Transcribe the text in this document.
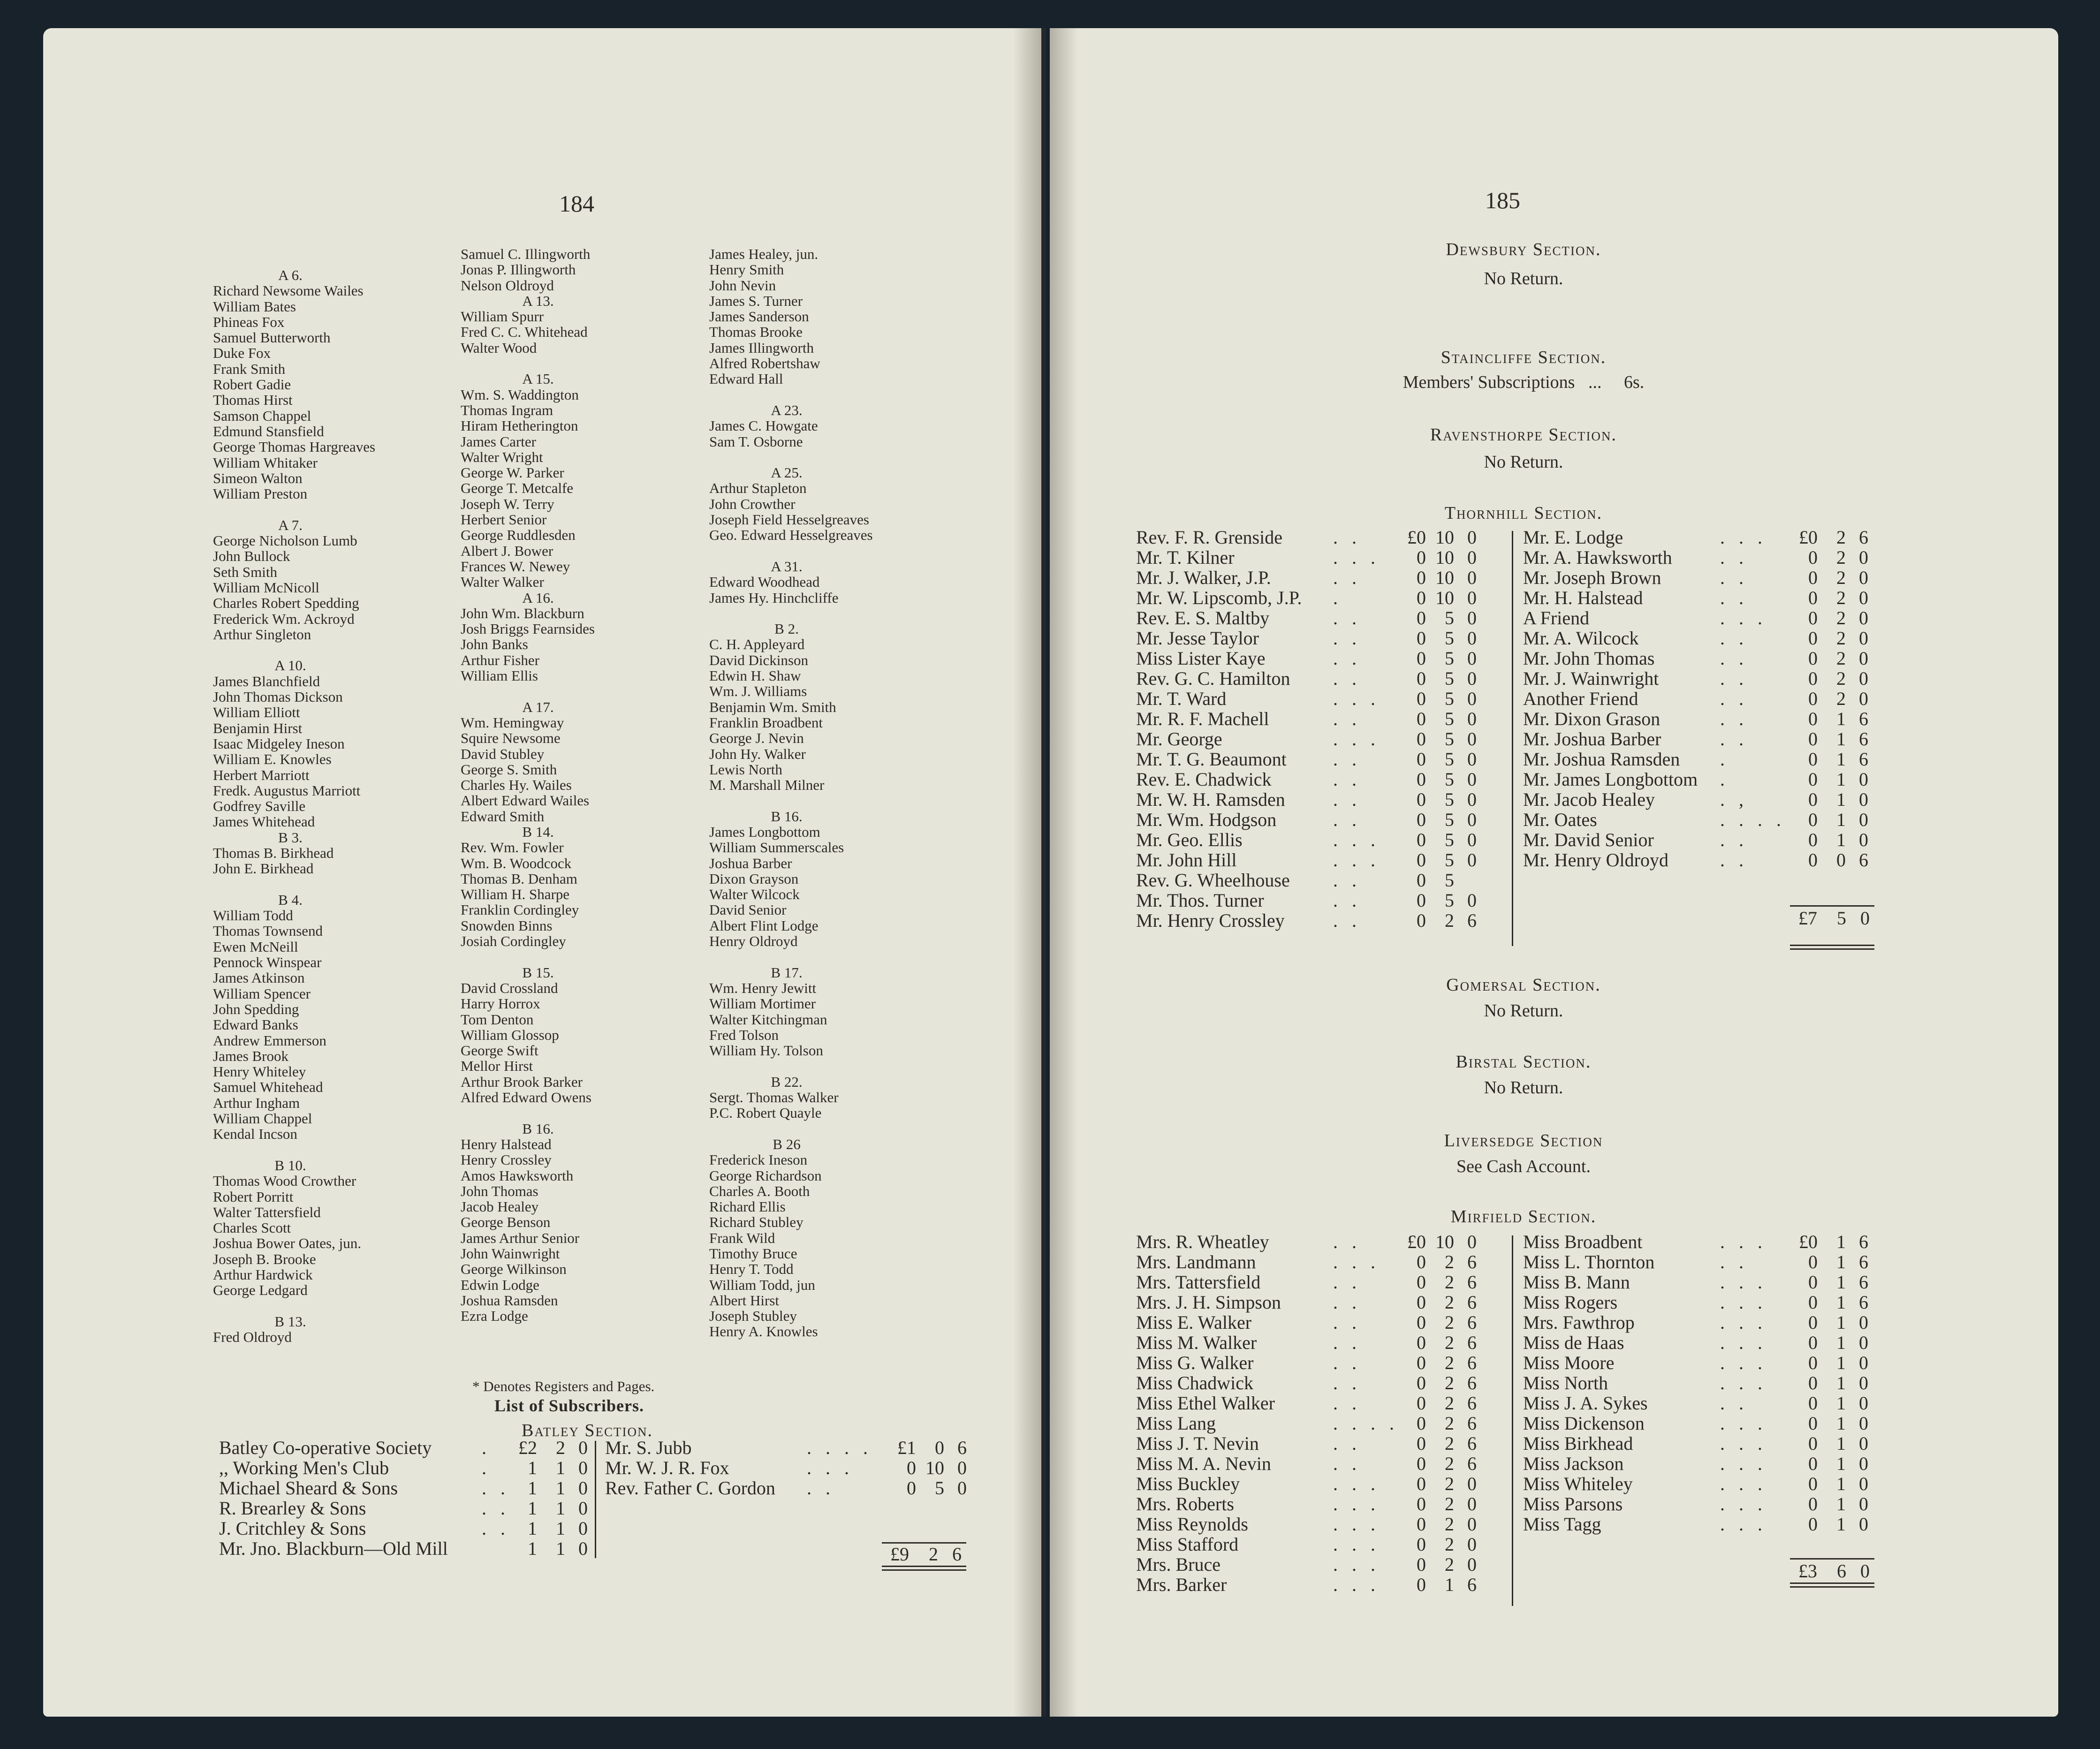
184
A 6.
Richard Newsome Wailes
William Bates
Phineas Fox
Samuel Butterworth
Duke Fox
Frank Smith
Robert Gadie
Thomas Hirst
Samson Chappel
Edmund Stansfield
George Thomas Hargreaves
William Whitaker
Simeon Walton
William Preston
A 7.
George Nicholson Lumb
John Bullock
Seth Smith
William McNicoll
Charles Robert Spedding
Frederick Wm. Ackroyd
Arthur Singleton
A 10.
James Blanchfield
John Thomas Dickson
William Elliott
Benjamin Hirst
Isaac Midgeley Ineson
William E. Knowles
Herbert Marriott
Fredk. Augustus Marriott
Godfrey Saville
James Whitehead
B 3.
Thomas B. Birkhead
John E. Birkhead
B 4.
William Todd
Thomas Townsend
Ewen McNeill
Pennock Winspear
James Atkinson
William Spencer
John Spedding
Edward Banks
Andrew Emmerson
James Brook
Henry Whiteley
Samuel Whitehead
Arthur Ingham
William Chappel
Kendal Incson
B 10.
Thomas Wood Crowther
Robert Porritt
Walter Tattersfield
Charles Scott
Joshua Bower Oates, jun.
Joseph B. Brooke
Arthur Hardwick
George Ledgard
B 13.
Fred Oldroyd
Samuel C. Illingworth
Jonas P. Illingworth
Nelson Oldroyd
A 13.
William Spurr
Fred C. C. Whitehead
Walter Wood
A 15.
Wm. S. Waddington
Thomas Ingram
Hiram Hetherington
James Carter
Walter Wright
George W. Parker
George T. Metcalfe
Joseph W. Terry
Herbert Senior
George Ruddlesden
Albert J. Bower
Frances W. Newey
Walter Walker
A 16.
John Wm. Blackburn
Josh Briggs Fearnsides
John Banks
Arthur Fisher
William Ellis
A 17.
Wm. Hemingway
Squire Newsome
David Stubley
George S. Smith
Charles Hy. Wailes
Albert Edward Wailes
Edward Smith
B 14.
Rev. Wm. Fowler
Wm. B. Woodcock
Thomas B. Denham
William H. Sharpe
Franklin Cordingley
Snowden Binns
Josiah Cordingley
B 15.
David Crossland
Harry Horrox
Tom Denton
William Glossop
George Swift
Mellor Hirst
Arthur Brook Barker
Alfred Edward Owens
B 16.
Henry Halstead
Henry Crossley
Amos Hawksworth
John Thomas
Jacob Healey
George Benson
James Arthur Senior
John Wainwright
George Wilkinson
Edwin Lodge
Joshua Ramsden
Ezra Lodge
James Healey, jun.
Henry Smith
John Nevin
James S. Turner
James Sanderson
Thomas Brooke
James Illingworth
Alfred Robertshaw
Edward Hall
A 23.
James C. Howgate
Sam T. Osborne
A 25.
Arthur Stapleton
John Crowther
Joseph Field Hesselgreaves
Geo. Edward Hesselgreaves
A 31.
Edward Woodhead
James Hy. Hinchcliffe
B 2.
C. H. Appleyard
David Dickinson
Edwin H. Shaw
Wm. J. Williams
Benjamin Wm. Smith
Franklin Broadbent
George J. Nevin
John Hy. Walker
Lewis North
M. Marshall Milner
B 16.
James Longbottom
William Summerscales
Joshua Barber
Dixon Grayson
Walter Wilcock
David Senior
Albert Flint Lodge
Henry Oldroyd
B 17.
Wm. Henry Jewitt
William Mortimer
Walter Kitchingman
Fred Tolson
William Hy. Tolson
B 22.
Sergt. Thomas Walker
P.C. Robert Quayle
B 26
Frederick Ineson
George Richardson
Charles A. Booth
Richard Ellis
Richard Stubley
Frank Wild
Timothy Bruce
Henry T. Todd
William Todd, jun
Albert Hirst
Joseph Stubley
Henry A. Knowles
* Denotes Registers and Pages.
List of Subscribers.
Batley Section.
Batley Co-operative Society	.	£2	2	0
,, Working Men's Club	.	1	1	0
Michael Sheard & Sons	. .	1	1	0
R. Brearley & Sons	. .	1	1	0
J. Critchley & Sons	. .	1	1	0
Mr. Jno. Blackburn—Old Mill		1	1	0
Mr. S. Jubb	. . . .	£1	0	6
Mr. W. J. R. Fox	. . .	0	10	0
Rev. Father C. Gordon	. .	0	5	0
£9	2 6
185
Dewsbury Section.
No Return.
Staincliffe Section.
Members' Subscriptions ... 6s.
Ravensthorpe Section.
No Return.
Thornhill Section.
Rev. F. R. Grenside	. .	£0	10	0
Mr. T. Kilner	. . .	0	10	0
Mr. J. Walker, J.P.	. .	0	10	0
Mr. W. Lipscomb, J.P.	.	0	10	0
Rev. E. S. Maltby	. .	0	5	0
Mr. Jesse Taylor	. .	0	5	0
Miss Lister Kaye	. .	0	5	0
Rev. G. C. Hamilton	. .	0	5	0
Mr. T. Ward	. . .	0	5	0
Mr. R. F. Machell	. .	0	5	0
Mr. George	. . .	0	5	0
Mr. T. G. Beaumont	. .	0	5	0
Rev. E. Chadwick	. .	0	5	0
Mr. W. H. Ramsden	. .	0	5	0
Mr. Wm. Hodgson	. .	0	5	0
Mr. Geo. Ellis	. . .	0	5	0
Mr. John Hill	. . .	0	5	0
Rev. G. Wheelhouse	. .	0	5	
Mr. Thos. Turner	. .	0	5	0
Mr. Henry Crossley	. .	0	2	6
Mr. E. Lodge	. . .	£0	2	6
Mr. A. Hawksworth	. .	0	2	0
Mr. Joseph Brown	. .	0	2	0
Mr. H. Halstead	. .	0	2	0
A Friend	. . .	0	2	0
Mr. A. Wilcock	. .	0	2	0
Mr. John Thomas	. .	0	2	0
Mr. J. Wainwright	. .	0	2	0
Another Friend	. .	0	2	0
Mr. Dixon Grason	. .	0	1	6
Mr. Joshua Barber	. .	0	1	6
Mr. Joshua Ramsden	.	0	1	6
Mr. James Longbottom	.	0	1	0
Mr. Jacob Healey	. ,	0	1	0
Mr. Oates	. . . .	0	1	0
Mr. David Senior	. .	0	1	0
Mr. Henry Oldroyd	. .	0	0	6
£7	5 0
Gomersal Section.
No Return.
Birstal Section.
No Return.
Liversedge Section
See Cash Account.
Mirfield Section.
Mrs. R. Wheatley	. .	£0	10	0
Mrs. Landmann	. . .	0	2	6
Mrs. Tattersfield	. .	0	2	6
Mrs. J. H. Simpson	. .	0	2	6
Miss E. Walker	. .	0	2	6
Miss M. Walker	. .	0	2	6
Miss G. Walker	. .	0	2	6
Miss Chadwick	. .	0	2	6
Miss Ethel Walker	. .	0	2	6
Miss Lang	. . . .	0	2	6
Miss J. T. Nevin	. .	0	2	6
Miss M. A. Nevin	. .	0	2	6
Miss Buckley	. . .	0	2	0
Mrs. Roberts	. . .	0	2	0
Miss Reynolds	. . .	0	2	0
Miss Stafford	. . .	0	2	0
Mrs. Bruce	. . .	0	2	0
Mrs. Barker	. . .	0	1	6
Miss Broadbent	. . .	£0	1	6
Miss L. Thornton	. .	0	1	6
Miss B. Mann	. . .	0	1	6
Miss Rogers	. . .	0	1	6
Mrs. Fawthrop	. . .	0	1	0
Miss de Haas	. . .	0	1	0
Miss Moore	. . .	0	1	0
Miss North	. . .	0	1	0
Miss J. A. Sykes	. .	0	1	0
Miss Dickenson	. . .	0	1	0
Miss Birkhead	. . .	0	1	0
Miss Jackson	. . .	0	1	0
Miss Whiteley	. . .	0	1	0
Miss Parsons	. . .	0	1	0
Miss Tagg	. . .	0	1	0
£3	6 0
